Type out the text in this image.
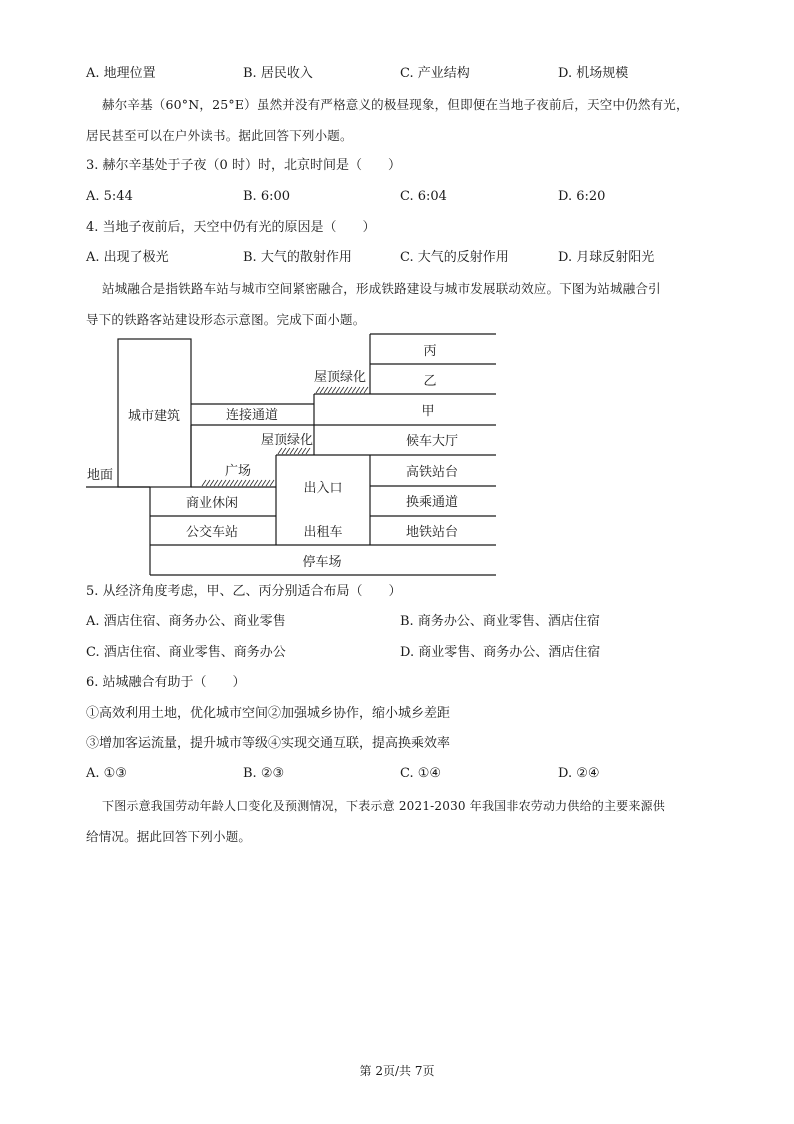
A. 地理位置	B. 居民收入	C. 产业结构	D. 机场规模
赫尔辛基（60°N，25°E）虽然并没有严格意义的极昼现象，但即便在当地子夜前后，天空中仍然有光，
居民甚至可以在户外读书。据此回答下列小题。
3. 赫尔辛基处于子夜（0 时）时，北京时间是（　　）
A. 5:44	B. 6:00	C. 6:04	D. 6:20
4. 当地子夜前后，天空中仍有光的原因是（　　）
A. 出现了极光	B. 大气的散射作用	C. 大气的反射作用	D. 月球反射阳光
站城融合是指铁路车站与城市空间紧密融合，形成铁路建设与城市发展联动效应。下图为站城融合引
导下的铁路客站建设形态示意图。完成下面小题。
城市建筑
地面
丙
乙
甲
屋顶绿化
连接通道
屋顶绿化	候车大厅
广场
出入口
高铁站台
换乘通道
商业休闲
公交车站	出租车	地铁站台
停车场
5. 从经济角度考虑，甲、乙、丙分别适合布局（　　）
A. 酒店住宿、商务办公、商业零售	B. 商务办公、商业零售、酒店住宿
C. 酒店住宿、商业零售、商务办公	D. 商业零售、商务办公、酒店住宿
6. 站城融合有助于（　　）
①高效利用土地，优化城市空间②加强城乡协作，缩小城乡差距
③增加客运流量，提升城市等级④实现交通互联，提高换乘效率
A. ①③	B. ②③	C. ①④	D. ②④
下图示意我国劳动年龄人口变化及预测情况，下表示意 2021-2030 年我国非农劳动力供给的主要来源供
给情况。据此回答下列小题。
第 2页/共 7页
